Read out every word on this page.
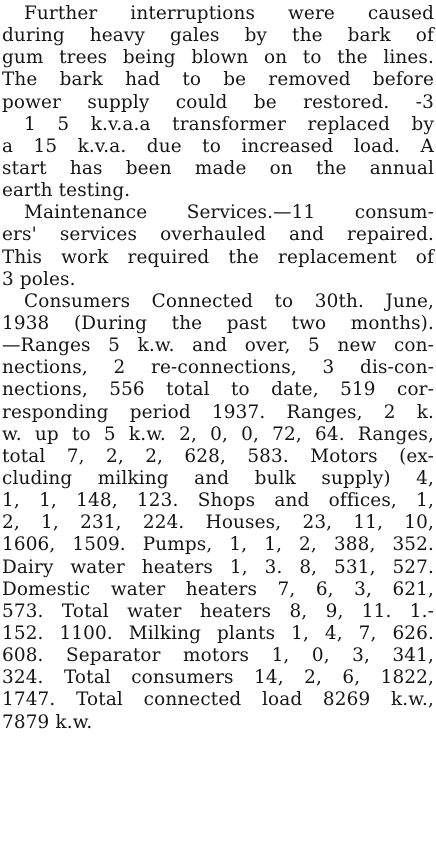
Further interruptions were caused
during heavy gales by the bark of
gum trees being blown on to the lines.
The bark had to be removed before
power supply could be restored. -3
1 5 k.v.a.a transformer replaced by
a 15 k.v.a. due to increased load. A
start has been made on the annual
earth testing.
Maintenance Services.—11 consum-
ers' services overhauled and repaired.
This work required the replacement of
3 poles.
Consumers Connected to 30th. June,
1938 (During the past two months).
—Ranges 5 k.w. and over, 5 new con-
nections, 2 re-connections, 3 dis-con-
nections, 556 total to date, 519 cor-
responding period 1937. Ranges, 2 k.
w. up to 5 k.w. 2, 0, 0, 72, 64. Ranges,
total 7, 2, 2, 628, 583. Motors (ex-
cluding milking and bulk supply) 4,
1, 1, 148, 123. Shops and offices, 1,
2, 1, 231, 224. Houses, 23, 11, 10,
1606, 1509. Pumps, 1, 1, 2, 388, 352.
Dairy water heaters 1, 3. 8, 531, 527.
Domestic water heaters 7, 6, 3, 621,
573. Total water heaters 8, 9, 11. 1.-
152. 1100. Milking plants 1, 4, 7, 626.
608. Separator motors 1, 0, 3, 341,
324. Total consumers 14, 2, 6, 1822,
1747. Total connected load 8269 k.w.,
7879 k.w.
